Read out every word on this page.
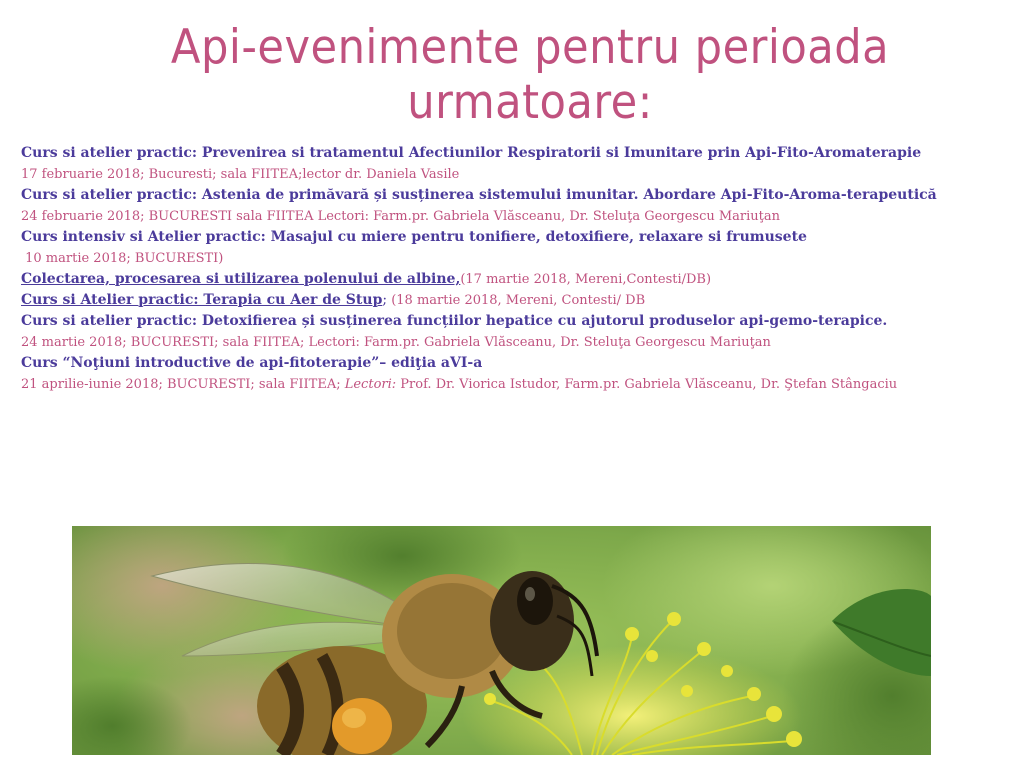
Api-evenimente pentru perioada urmatoare:

Curs si atelier practic: Prevenirea si tratamentul Afectiunilor Respiratorii si Imunitare prin Api-Fito-Aromaterapie

17 februarie 2018; Bucuresti; sala FIITEA;lector dr. Daniela Vasile

Curs si atelier practic: Astenia de primăvară și susținerea sistemului imunitar. Abordare Api-Fito-Aroma-terapeutică

24 februarie 2018; BUCURESTI sala FIITEA Lectori: Farm.pr. Gabriela Vlăsceanu, Dr. Steluţa Georgescu Mariuţan

Curs intensiv si Atelier practic: Masajul cu miere pentru tonifiere, detoxifiere, relaxare si frumusete

10 martie 2018; BUCURESTI)

Colectarea, procesarea si utilizarea polenului de albine,(17 martie 2018, Mereni,Contesti/DB)

Curs si Atelier practic: Terapia cu Aer de Stup; (18 martie 2018, Mereni, Contesti/ DB

Curs si atelier practic: Detoxifierea și susținerea funcțiilor hepatice cu ajutorul produselor api-gemo-terapice.

24 martie 2018; BUCURESTI; sala FIITEA; Lectori: Farm.pr. Gabriela Vlăsceanu, Dr. Steluţa Georgescu Mariuţan

Curs “Noţiuni introductive de api-fitoterapie”– ediţia aVI-a

21 aprilie-iunie 2018; BUCURESTI; sala FIITEA; Lectori: Prof. Dr. Viorica Istudor, Farm.pr. Gabriela Vlăsceanu, Dr. Ştefan Stângaciu
